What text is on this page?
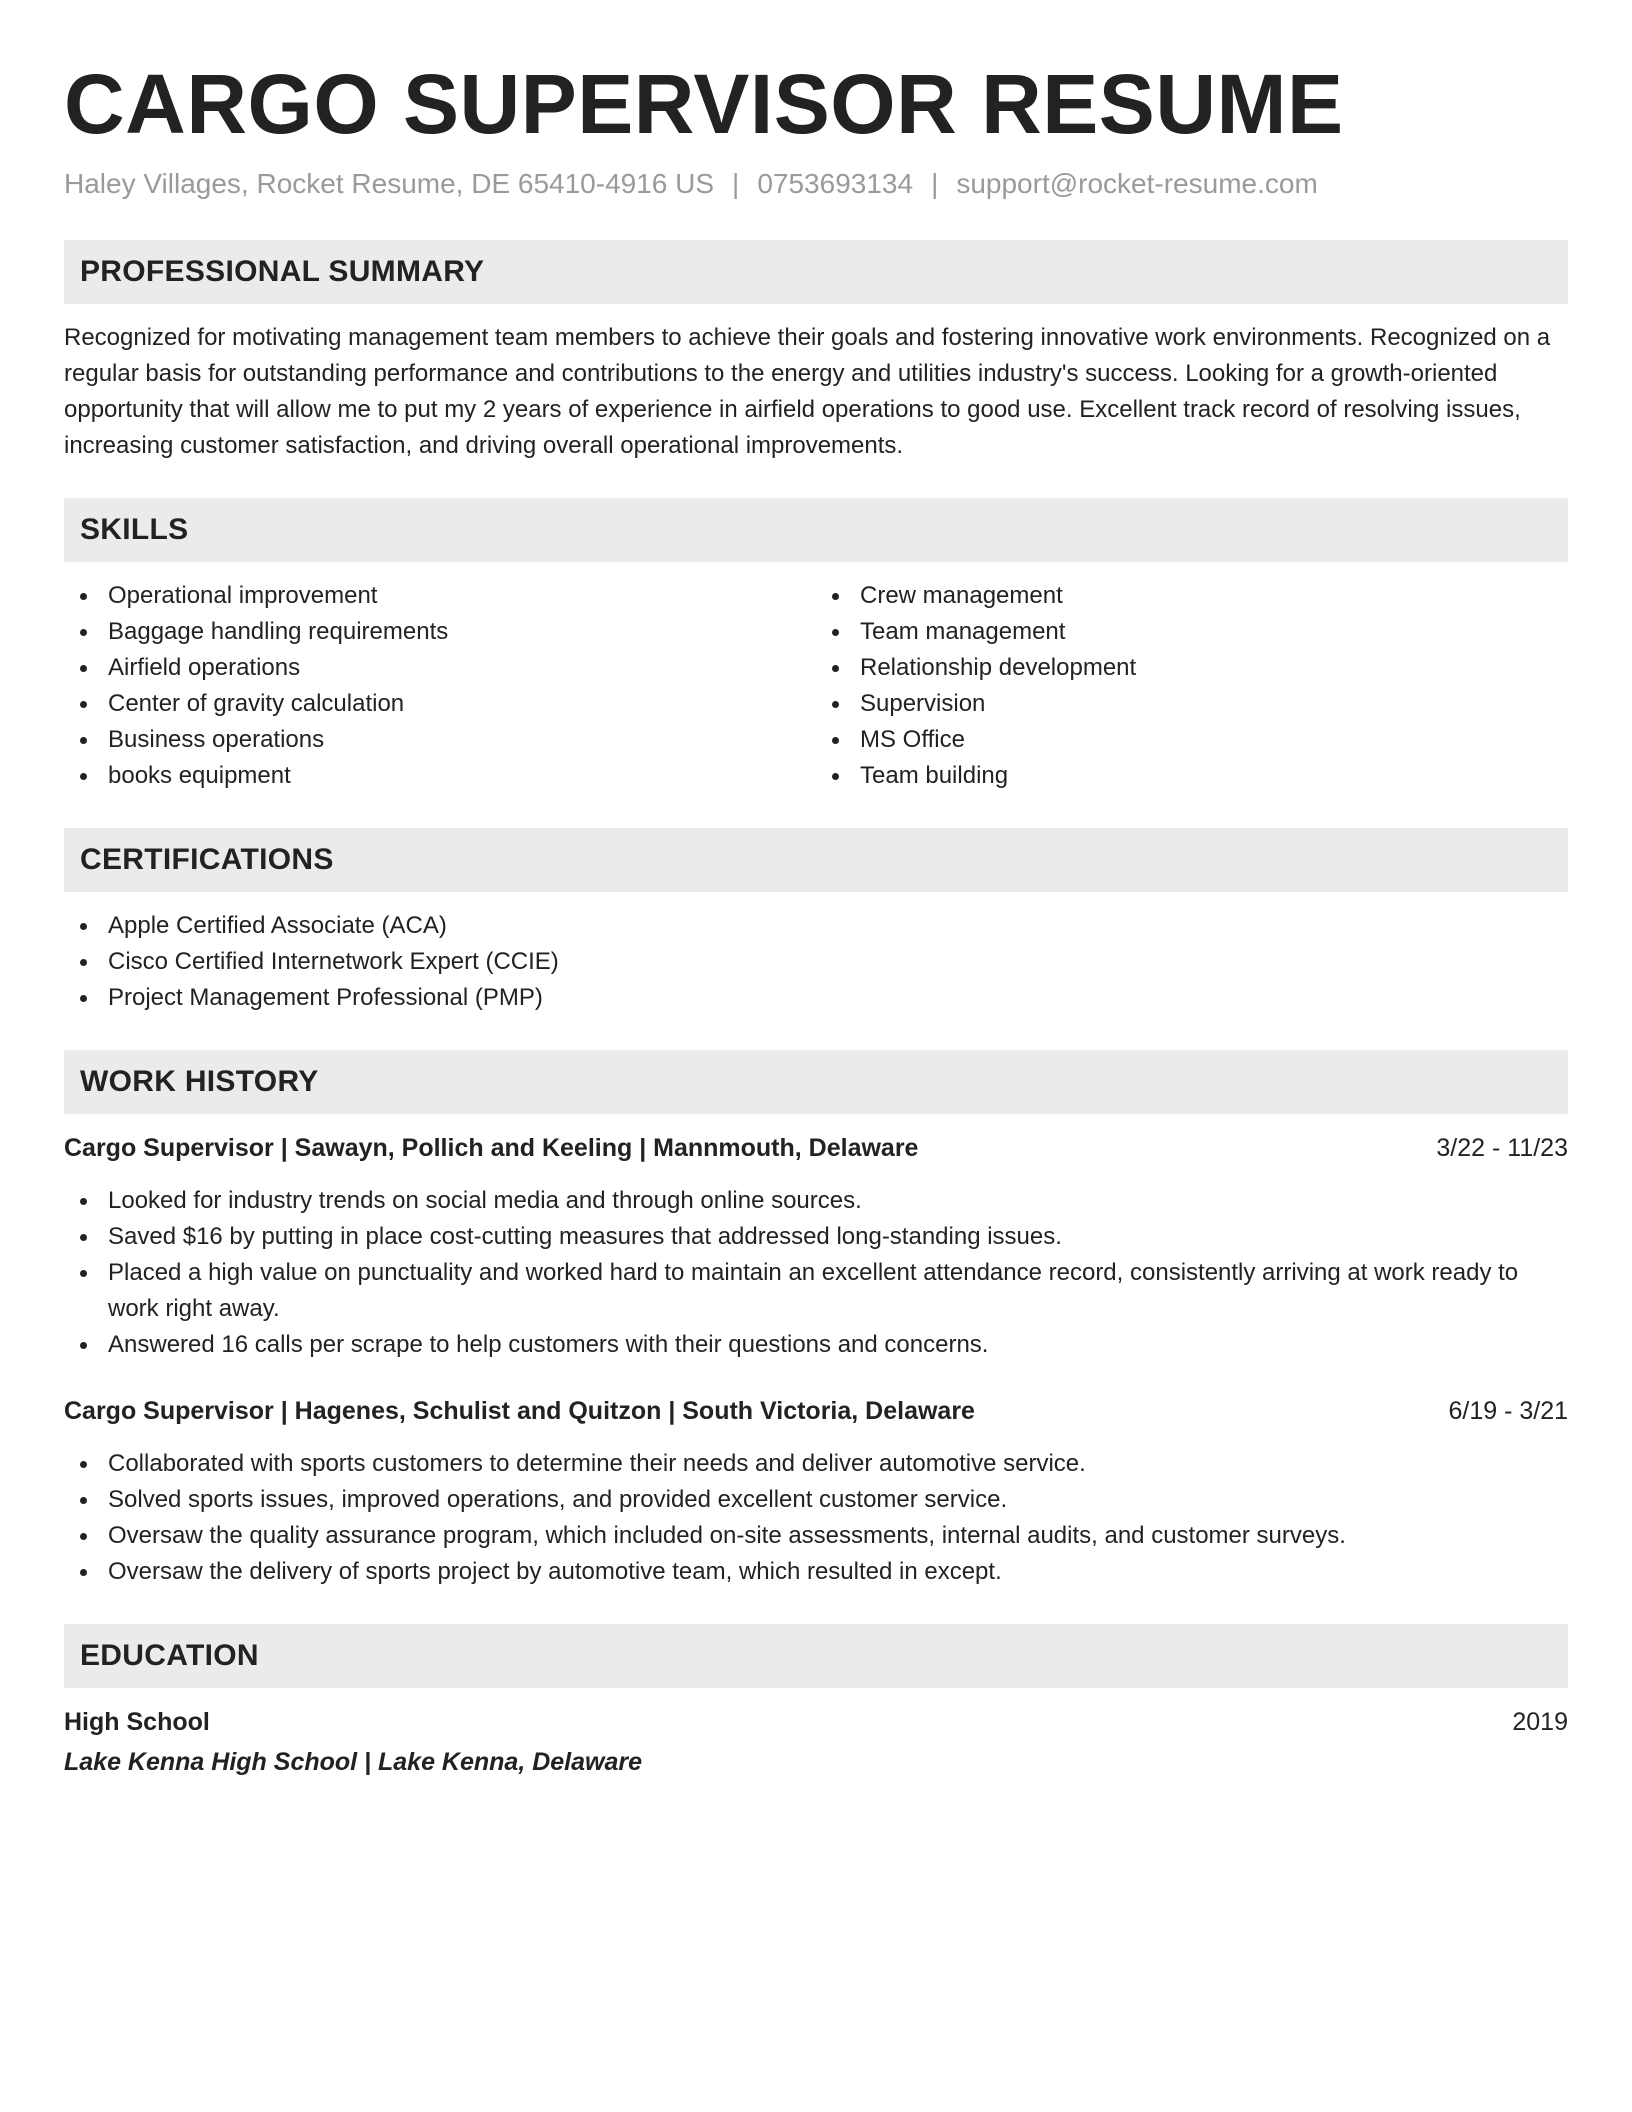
CARGO SUPERVISOR RESUME
Haley Villages, Rocket Resume, DE 65410-4916 US | 0753693134 | support@rocket-resume.com
PROFESSIONAL SUMMARY

Recognized for motivating management team members to achieve their goals and fostering innovative work environments. Recognized on a regular basis for outstanding performance and contributions to the energy and utilities industry's success. Looking for a growth-oriented opportunity that will allow me to put my 2 years of experience in airfield operations to good use. Excellent track record of resolving issues, increasing customer satisfaction, and driving overall operational improvements.

SKILLS
Operational improvement
Baggage handling requirements
Airfield operations
Center of gravity calculation
Business operations
books equipment
Crew management
Team management
Relationship development
Supervision
MS Office
Team building
CERTIFICATIONS
Apple Certified Associate (ACA)
Cisco Certified Internetwork Expert (CCIE)
Project Management Professional (PMP)
WORK HISTORY
Cargo Supervisor | Sawayn, Pollich and Keeling | Mannmouth, Delaware	3/22 - 11/23
Looked for industry trends on social media and through online sources.
Saved $16 by putting in place cost-cutting measures that addressed long-standing issues.
Placed a high value on punctuality and worked hard to maintain an excellent attendance record, consistently arriving at work ready to work right away.
Answered 16 calls per scrape to help customers with their questions and concerns.
Cargo Supervisor | Hagenes, Schulist and Quitzon | South Victoria, Delaware	6/19 - 3/21
Collaborated with sports customers to determine their needs and deliver automotive service.
Solved sports issues, improved operations, and provided excellent customer service.
Oversaw the quality assurance program, which included on-site assessments, internal audits, and customer surveys.
Oversaw the delivery of sports project by automotive team, which resulted in except.
EDUCATION
High School	2019
Lake Kenna High School | Lake Kenna, Delaware
